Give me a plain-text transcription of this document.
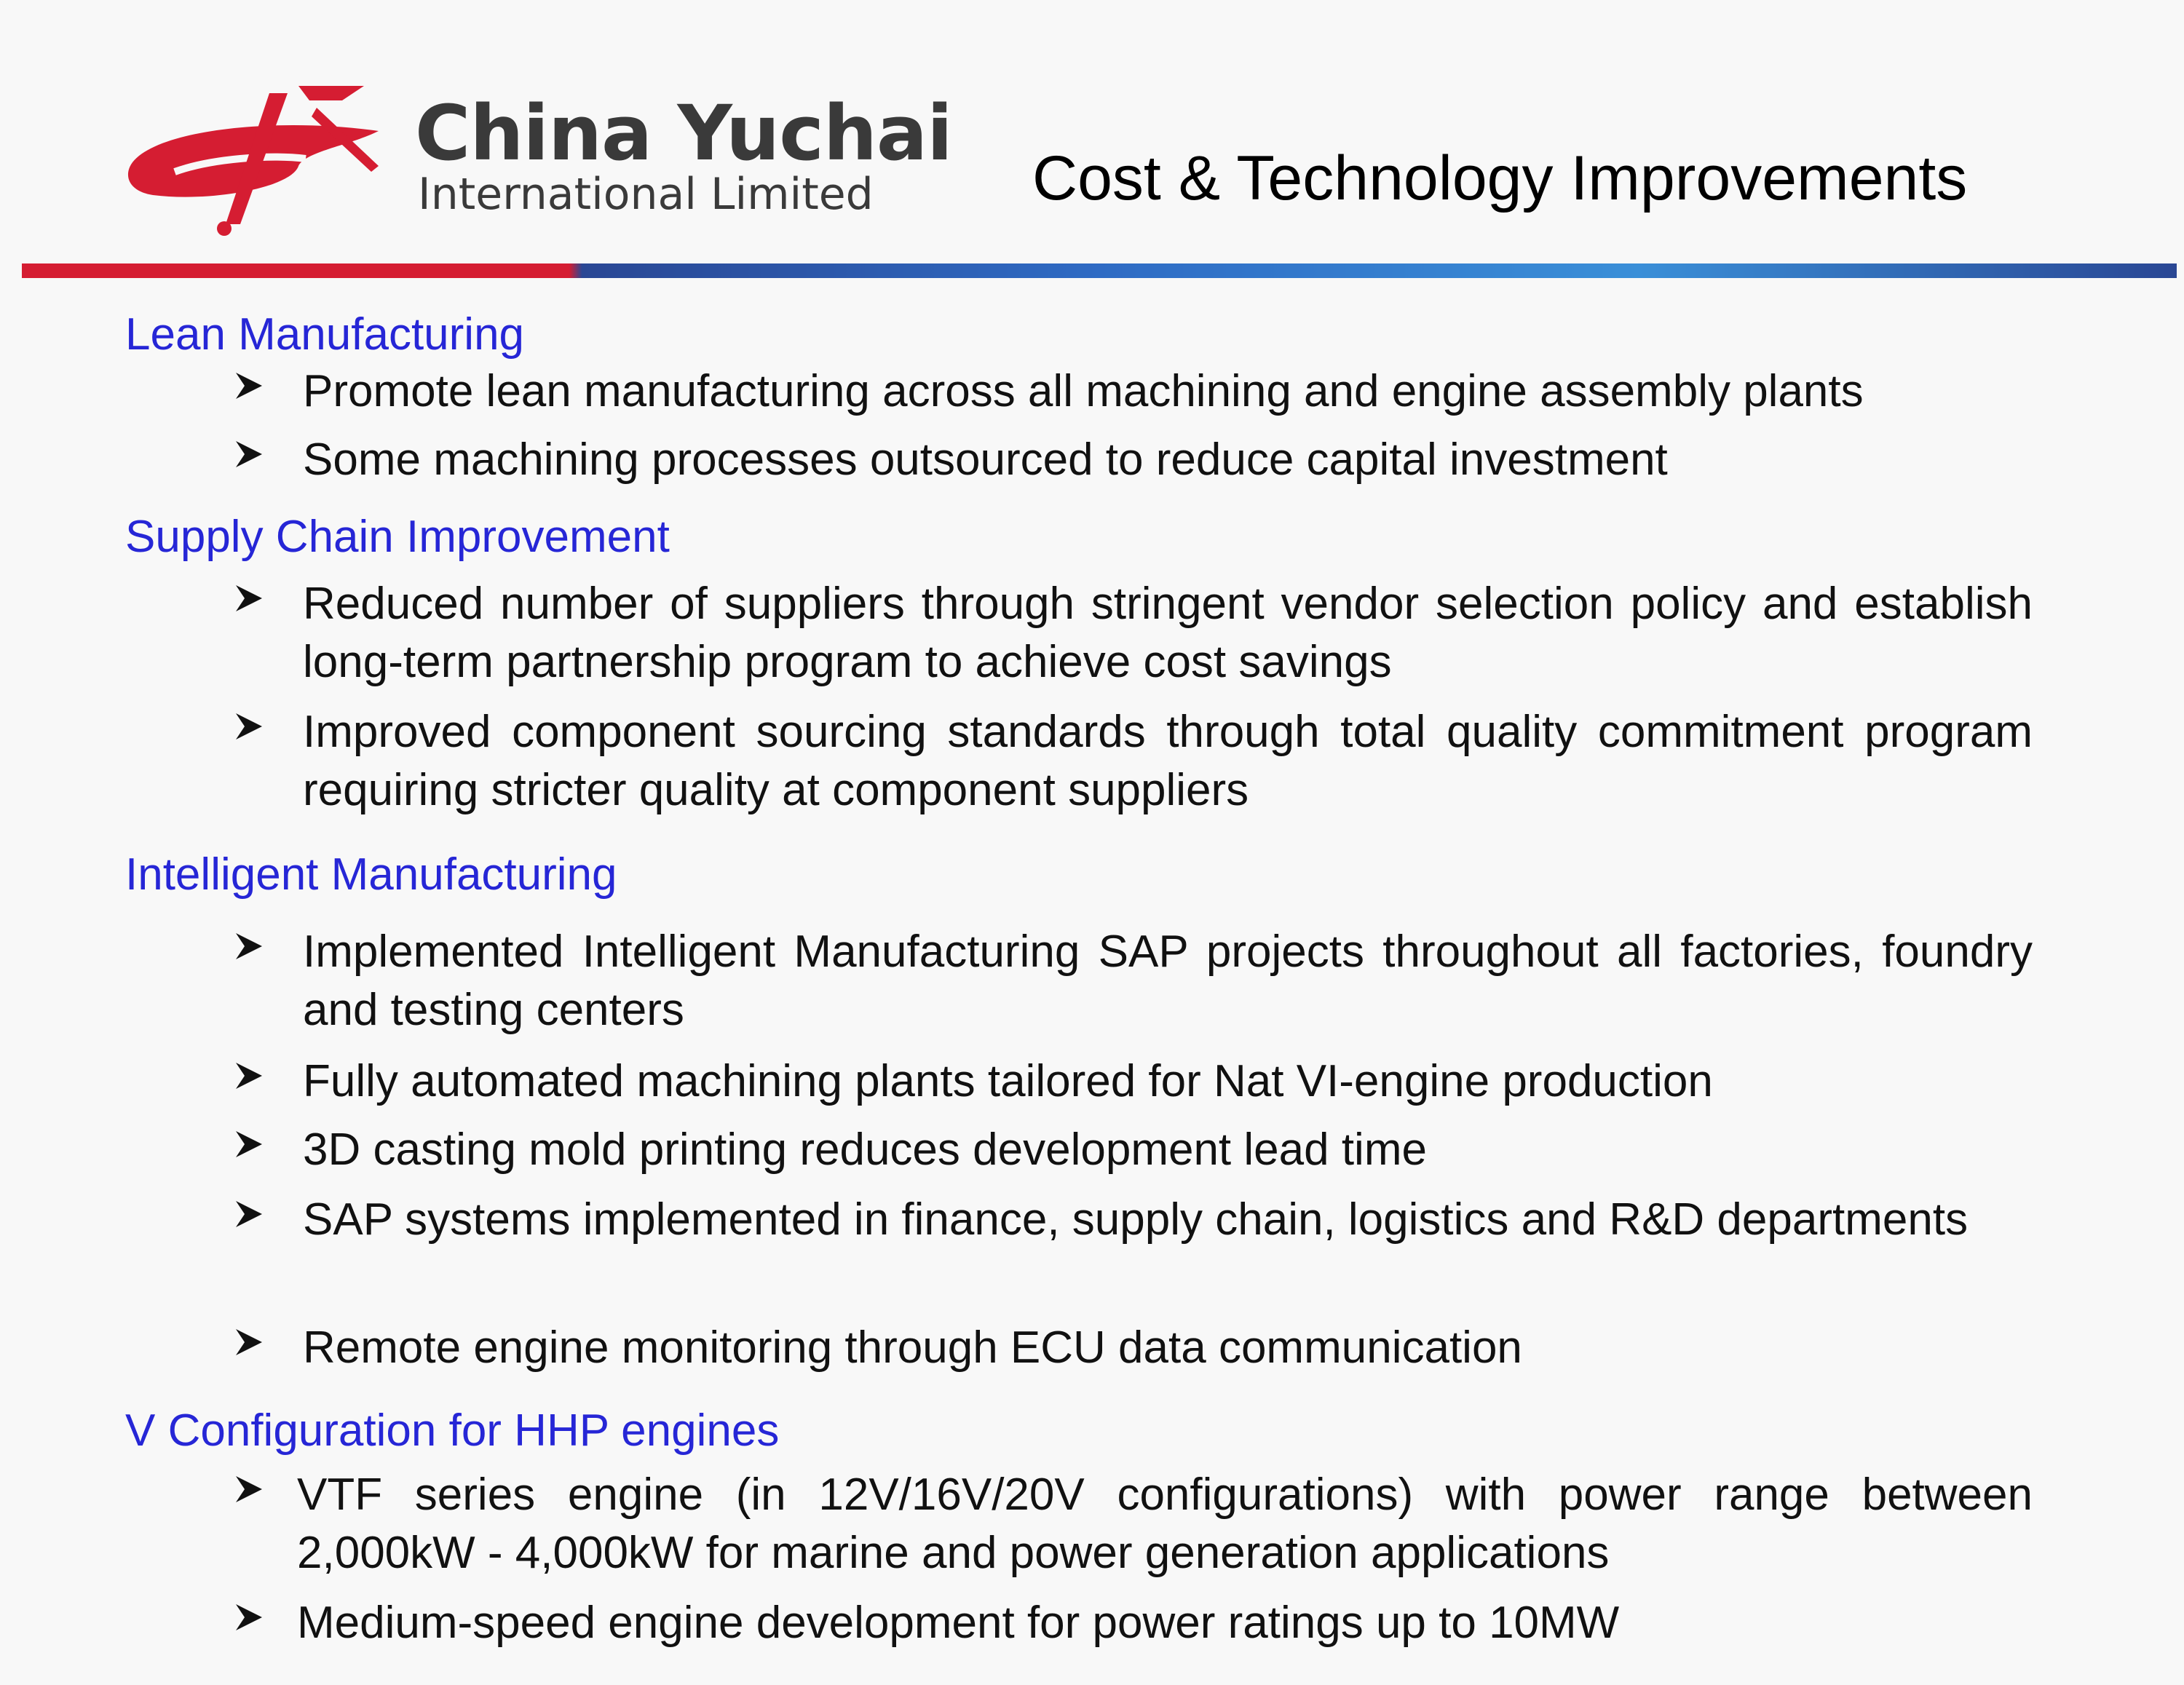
China Yuchai
International Limited	Cost & Technology Improvements
Lean Manufacturing
Promote lean manufacturing across all machining and engine assembly plants
Some machining processes outsourced to reduce capital investment
Supply Chain Improvement
Reduced number of suppliers through stringent vendor selection policy and establish long-term partnership program to achieve cost savings
Improved component sourcing standards through total quality commitment program requiring stricter quality at component suppliers
Intelligent Manufacturing
Implemented Intelligent Manufacturing SAP projects throughout all factories, foundry and testing centers
Fully automated machining plants tailored for Nat VI-engine production
3D casting mold printing reduces development lead time
SAP systems implemented in finance, supply chain, logistics and R&D departments
Remote engine monitoring through ECU data communication
V Configuration for HHP engines
VTF series engine (in 12V/16V/20V configurations) with power range between 2,000kW - 4,000kW for marine and power generation applications
Medium-speed engine development for power ratings up to 10MW
